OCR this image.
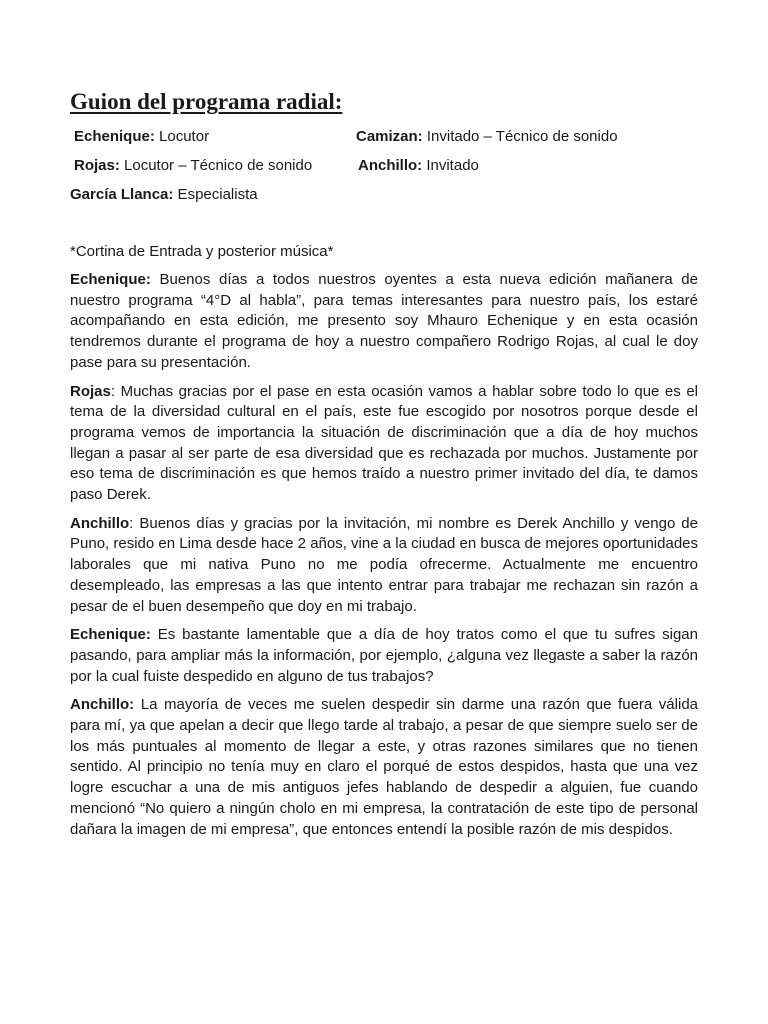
Guion del programa radial:
Echenique: Locutor	Camizan: Invitado – Técnico de sonido
Rojas: Locutor – Técnico de sonido	Anchillo: Invitado
García Llanca: Especialista

*Cortina de Entrada y posterior música*

Echenique: Buenos días a todos nuestros oyentes a esta nueva edición mañanera de nuestro programa “4°D al habla”, para temas interesantes para nuestro país, los estaré acompañando en esta edición, me presento soy Mhauro Echenique y en esta ocasión tendremos durante el programa de hoy a nuestro compañero Rodrigo Rojas, al cual le doy pase para su presentación.

Rojas: Muchas gracias por el pase en esta ocasión vamos a hablar sobre todo lo que es el tema de la diversidad cultural en el país, este fue escogido por nosotros porque desde el programa vemos de importancia la situación de discriminación que a día de hoy muchos llegan a pasar al ser parte de esa diversidad que es rechazada por muchos. Justamente por eso tema de discriminación es que hemos traído a nuestro primer invitado del día, te damos paso Derek.

Anchillo: Buenos días y gracias por la invitación, mi nombre es Derek Anchillo y vengo de Puno, resido en Lima desde hace 2 años, vine a la ciudad en busca de mejores oportunidades laborales que mi nativa Puno no me podía ofrecerme. Actualmente me encuentro desempleado, las empresas a las que intento entrar para trabajar me rechazan sin razón a pesar de el buen desempeño que doy en mi trabajo.

Echenique: Es bastante lamentable que a día de hoy tratos como el que tu sufres sigan pasando, para ampliar más la información, por ejemplo, ¿alguna vez llegaste a saber la razón por la cual fuiste despedido en alguno de tus trabajos?

Anchillo: La mayoría de veces me suelen despedir sin darme una razón que fuera válida para mí, ya que apelan a decir que llego tarde al trabajo, a pesar de que siempre suelo ser de los más puntuales al momento de llegar a este, y otras razones similares que no tienen sentido. Al principio no tenía muy en claro el porqué de estos despidos, hasta que una vez logre escuchar a una de mis antiguos jefes hablando de despedir a alguien, fue cuando mencionó “No quiero a ningún cholo en mi empresa, la contratación de este tipo de personal dañara la imagen de mi empresa”, que entonces entendí la posible razón de mis despidos.
